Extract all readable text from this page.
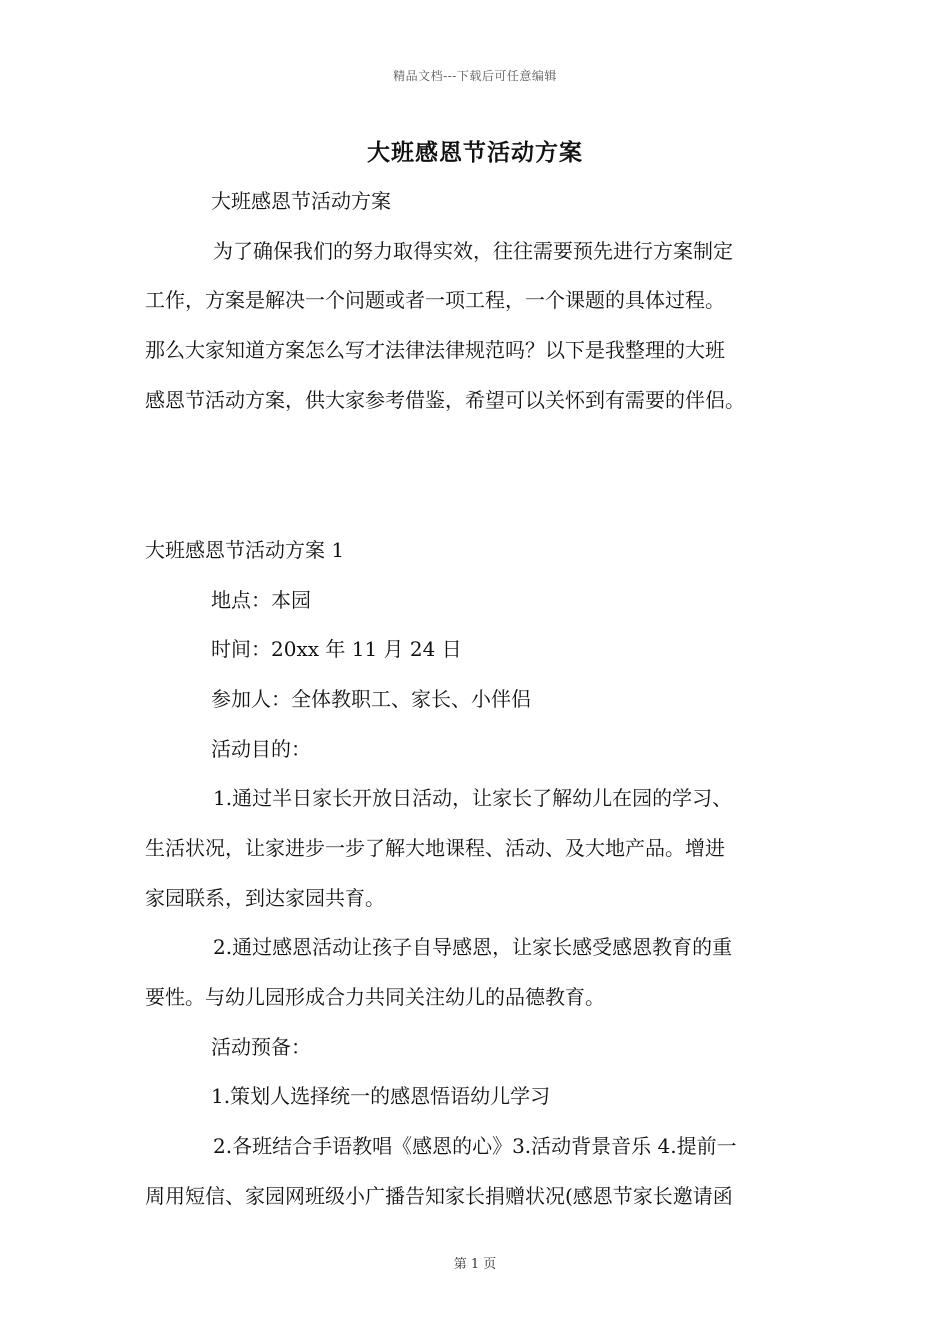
精品文档---下载后可任意编辑
大班感恩节活动方案
大班感恩节活动方案
为了确保我们的努力取得实效，往往需要预先进行方案制定
工作，方案是解决一个问题或者一项工程，一个课题的具体过程。
那么大家知道方案怎么写才法律法律规范吗？以下是我整理的大班
感恩节活动方案，供大家参考借鉴，希望可以关怀到有需要的伴侣。
大班感恩节活动方案 1
地点：本园
时间：20xx 年 11 月 24 日
参加人：全体教职工、家长、小伴侣
活动目的：
1.通过半日家长开放日活动，让家长了解幼儿在园的学习、
生活状况，让家进步一步了解大地课程、活动、及大地产品。增进
家园联系，到达家园共育。
2.通过感恩活动让孩子自导感恩，让家长感受感恩教育的重
要性。与幼儿园形成合力共同关注幼儿的品德教育。
活动预备：
1.策划人选择统一的感恩悟语幼儿学习
2.各班结合手语教唱《感恩的心》3.活动背景音乐 4.提前一
周用短信、家园网班级小广播告知家长捐赠状况(感恩节家长邀请函
第 1 页
